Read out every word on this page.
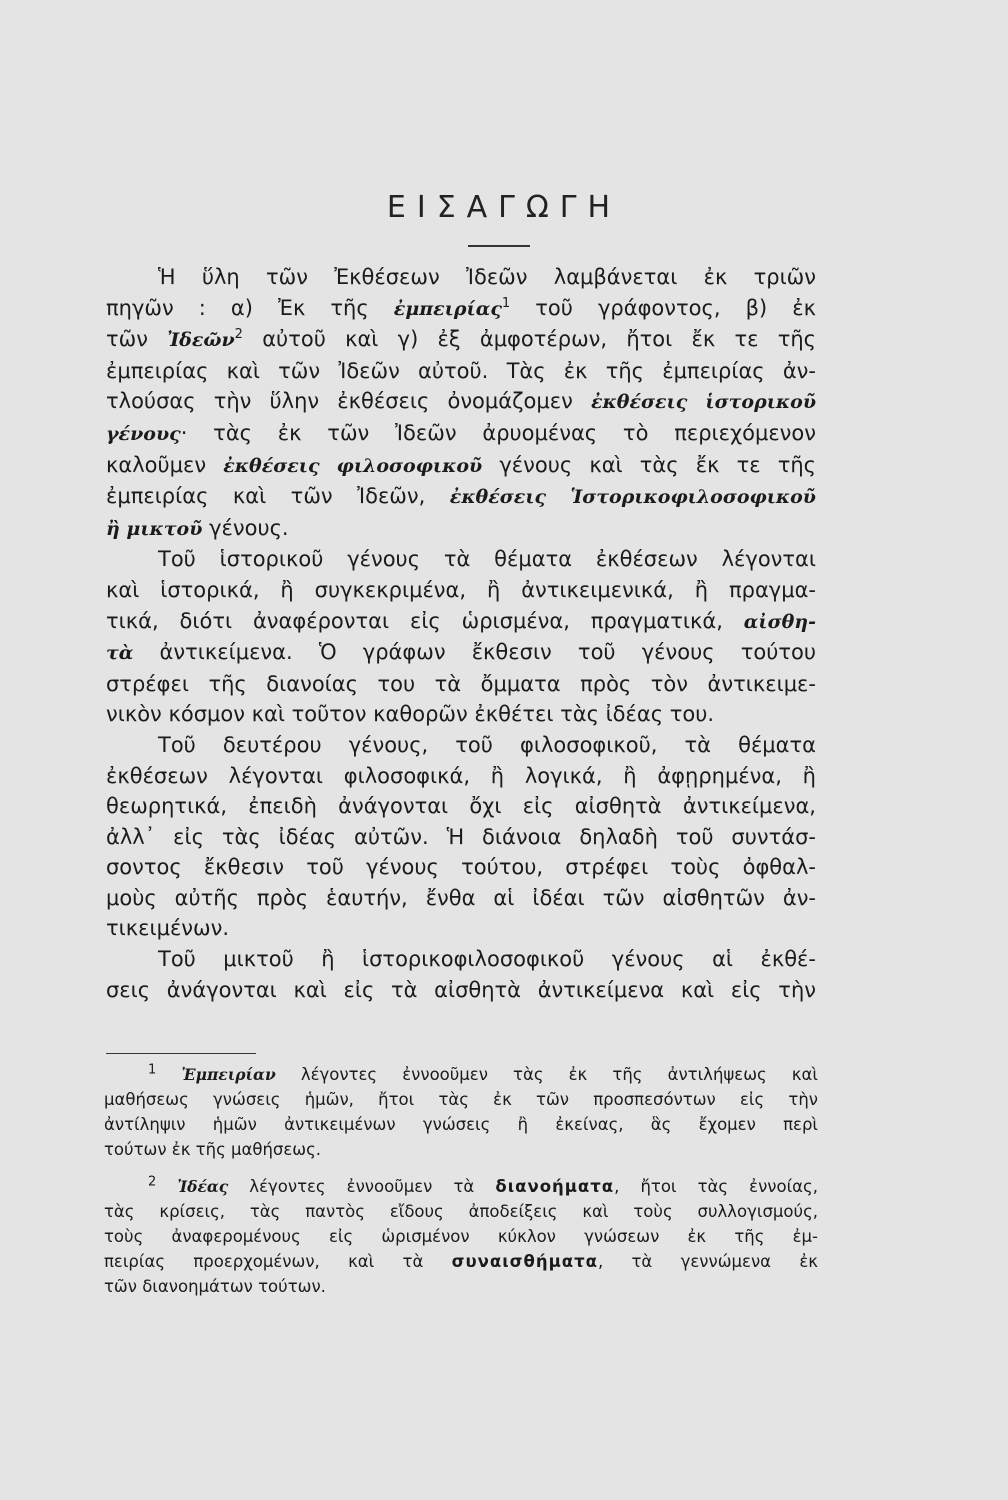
ΕΙΣΑΓΩΓΗ
Ἡ ὕλη τῶν Ἐκθέσεων Ἰδεῶν λαμβάνεται ἐκ τριῶν
πηγῶν : α) Ἐκ τῆς ἐμπειρίας$^1$ τοῦ γράφοντος, β) ἐκ
τῶν Ἰδεῶν$^2$ αὐτοῦ καὶ γ) ἐξ ἀμφοτέρων, ἤτοι ἔκ τε τῆς
ἐμπειρίας καὶ τῶν Ἰδεῶν αὐτοῦ. Τὰς ἐκ τῆς ἐμπειρίας ἀν-
τλούσας τὴν ὕλην ἐκθέσεις ὀνομάζομεν ἐκθέσεις ἱστορικοῦ
γένους· τὰς ἐκ τῶν Ἰδεῶν ἀρυομένας τὸ περιεχόμενον
καλοῦμεν ἐκθέσεις φιλοσοφικοῦ γένους καὶ τὰς ἔκ τε τῆς
ἐμπειρίας καὶ τῶν Ἰδεῶν, ἐκθέσεις Ἱστορικοφιλοσοφικοῦ
ἢ μικτοῦ γένους.
Τοῦ ἱστορικοῦ γένους τὰ θέματα ἐκθέσεων λέγονται
καὶ ἱστορικά, ἢ συγκεκριμένα, ἢ ἀντικειμενικά, ἢ πραγμα-
τικά, διότι ἀναφέρονται εἰς ὡρισμένα, πραγματικά, αἰσθη-
τὰ ἀντικείμενα. Ὁ γράφων ἔκθεσιν τοῦ γένους τούτου
στρέφει τῆς διανοίας του τὰ ὄμματα πρὸς τὸν ἀντικειμε-
νικὸν κόσμον καὶ τοῦτον καθορῶν ἐκθέτει τὰς ἰδέας του.
Τοῦ δευτέρου γένους, τοῦ φιλοσοφικοῦ, τὰ θέματα
ἐκθέσεων λέγονται φιλοσοφικά, ἢ λογικά, ἢ ἀφῃρημένα, ἢ
θεωρητικά, ἐπειδὴ ἀνάγονται ὄχι εἰς αἰσθητὰ ἀντικείμενα,
ἀλλ᾽ εἰς τὰς ἰδέας αὐτῶν. Ἡ διάνοια δηλαδὴ τοῦ συντάσ-
σοντος ἔκθεσιν τοῦ γένους τούτου, στρέφει τοὺς ὀφθαλ-
μοὺς αὐτῆς πρὸς ἑαυτήν, ἔνθα αἱ ἰδέαι τῶν αἰσθητῶν ἀν-
τικειμένων.
Τοῦ μικτοῦ ἢ ἱστορικοφιλοσοφικοῦ γένους αἱ ἐκθέ-
σεις ἀνάγονται καὶ εἰς τὰ αἰσθητὰ ἀντικείμενα καὶ εἰς τὴν
$^1$ Ἐμπειρίαν λέγοντες ἐννοοῦμεν τὰς ἐκ τῆς ἀντιλήψεως καὶ
μαθήσεως γνώσεις ἡμῶν, ἤτοι τὰς ἐκ τῶν προσπεσόντων εἰς τὴν
ἀντίληψιν ἡμῶν ἀντικειμένων γνώσεις ἢ ἐκείνας, ἃς ἔχομεν περὶ
τούτων ἐκ τῆς μαθήσεως.
$^2$ Ἰδέας λέγοντες ἐννοοῦμεν τὰ διανοήματα, ἤτοι τὰς ἐννοίας,
τὰς κρίσεις, τὰς παντὸς εἴδους ἀποδείξεις καὶ τοὺς συλλογισμούς,
τοὺς ἀναφερομένους εἰς ὡρισμένον κύκλον γνώσεων ἐκ τῆς ἐμ-
πειρίας προερχομένων, καὶ τὰ συναισθήματα, τὰ γεννώμενα ἐκ
τῶν διανοημάτων τούτων.
